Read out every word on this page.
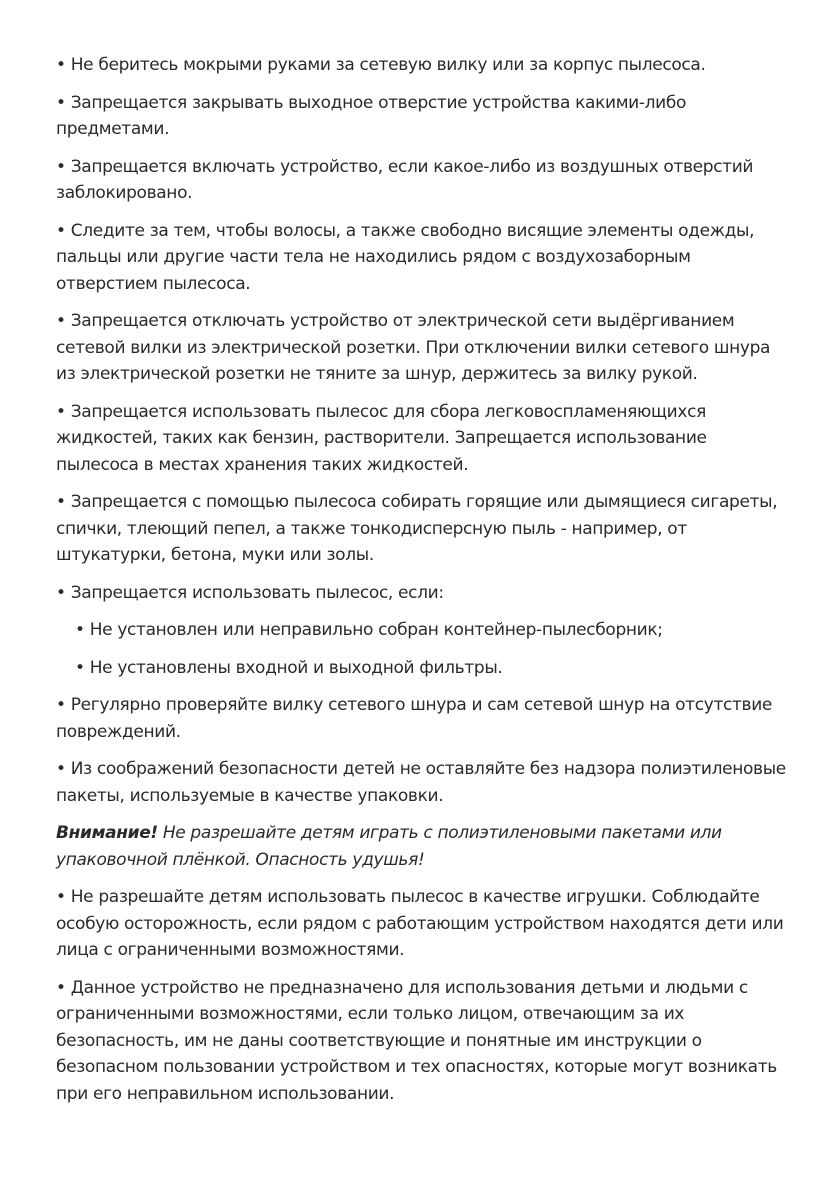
• Не беритесь мокрыми руками за сетевую вилку или за корпус пылесоса.

• Запрещается закрывать выходное отверстие устройства какими-либо предметами.

• Запрещается включать устройство, если какое-либо из воздушных отверстий заблокировано.

• Следите за тем, чтобы волосы, а также свободно висящие элементы одежды, пальцы или другие части тела не находились рядом с воздухозаборным отверстием пылесоса.

• Запрещается отключать устройство от электрической сети выдёргиванием сетевой вилки из электрической розетки. При отключении вилки сетевого шнура из электрической розетки не тяните за шнур, держитесь за вилку рукой.

• Запрещается использовать пылесос для сбора легковоспламеняющихся жидкостей, таких как бензин, растворители. Запрещается использование пылесоса в местах хранения таких жидкостей.

• Запрещается с помощью пылесоса собирать горящие или дымящиеся сигареты, спички, тлеющий пепел, а также тонкодисперсную пыль - например, от штукатурки, бетона, муки или золы.

• Запрещается использовать пылесос, если:

• Не установлен или неправильно собран контейнер-пылесборник;

• Не установлены входной и выходной фильтры.

• Регулярно проверяйте вилку сетевого шнура и сам сетевой шнур на отсутствие повреждений.

• Из соображений безопасности детей не оставляйте без надзора полиэтиленовые пакеты, используемые в качестве упаковки.

Внимание! Не разрешайте детям играть с полиэтиленовыми пакетами или упаковочной плёнкой. Опасность удушья!

• Не разрешайте детям использовать пылесос в качестве игрушки. Соблюдайте особую осторожность, если рядом с работающим устройством находятся дети или лица с ограниченными возможностями.

• Данное устройство не предназначено для использования детьми и людьми с ограниченными возможностями, если только лицом, отвечающим за их безопасность, им не даны соответствующие и понятные им инструкции о безопасном пользовании устройством и тех опасностях, которые могут возникать при его неправильном использовании.
